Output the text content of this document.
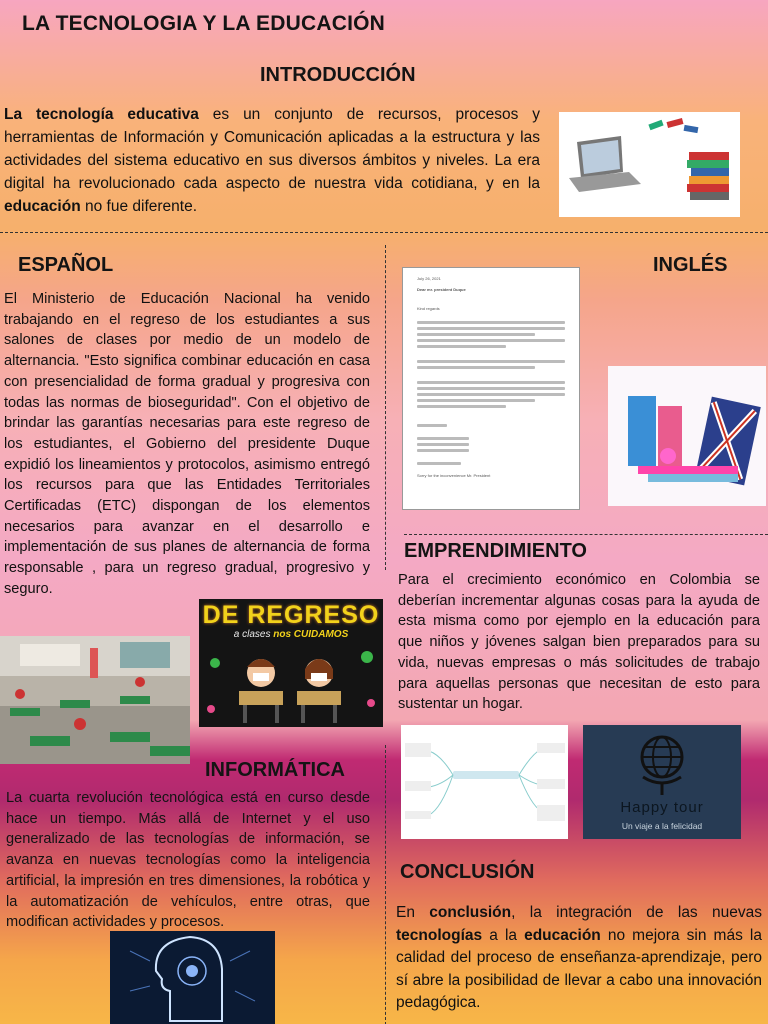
LA TECNOLOGIA Y LA EDUCACIÓN
INTRODUCCIÓN
La tecnología educativa es un conjunto de recursos, procesos y herramientas de Información y Comunicación aplicadas a la estructura y las actividades del sistema educativo en sus diversos ámbitos y niveles. La era digital ha revolucionado cada aspecto de nuestra vida cotidiana, y en la educación no fue diferente.
ESPAÑOL
El Ministerio de Educación Nacional ha venido trabajando en el regreso de los estudiantes a sus salones de clases por medio de un modelo de alternancia. "Esto significa combinar educación en casa con presencialidad de forma gradual y progresiva con todas las normas de bioseguridad". Con el objetivo de brindar las garantías necesarias para este regreso de los estudiantes, el Gobierno del presidente Duque expidió los lineamientos y protocolos, asimismo entregó los recursos para que las Entidades Territoriales Certificadas (ETC) dispongan de los elementos necesarios para avanzar en el desarrollo e implementación de sus planes de alternancia de forma responsable , para un regreso gradual, progresivo y seguro.
INGLÉS
July 26, 2021
Dear mr. president Duque
Kind regards
Sorry for the inconvenience Mr. President
DE REGRESO
a clases nos CUIDAMOS
EMPRENDIMIENTO
Para el crecimiento económico en Colombia se deberían incrementar algunas cosas para la ayuda de esta misma como por ejemplo en la educación para que niños y jóvenes salgan bien preparados para su vida, nuevas empresas o más solicitudes de trabajo para aquellas personas que necesitan de esto para sustentar un hogar.
Happy tour
Un viaje a la felicidad
INFORMÁTICA
La cuarta revolución tecnológica está en curso desde hace un tiempo. Más allá de Internet y el uso generalizado de las tecnologías de información, se avanza en nuevas tecnologías como la inteligencia artificial, la impresión en tres dimensiones, la robótica y la automatización de vehículos, entre otras, que modifican actividades y procesos.
CONCLUSIÓN
En conclusión, la integración de las nuevas tecnologías a la educación no mejora sin más la calidad del proceso de enseñanza-aprendizaje, pero sí abre la posibilidad de llevar a cabo una innovación pedagógica.
